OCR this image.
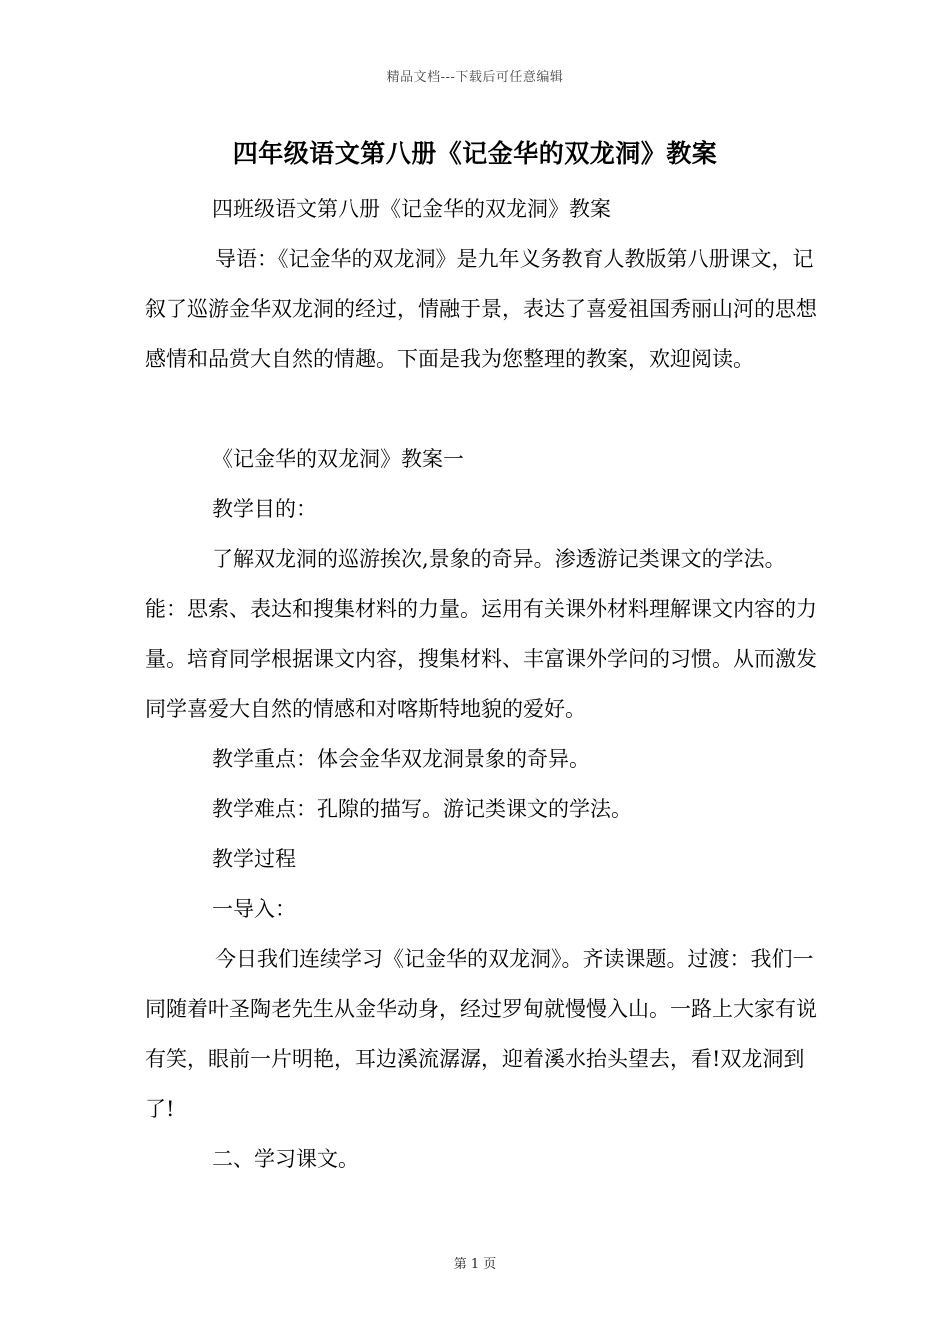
精品文档---下载后可任意编辑
四年级语文第八册《记金华的双龙洞》教案

四班级语文第八册《记金华的双龙洞》教案

导语：《记金华的双龙洞》是九年义务教育人教版第八册课文，记叙了巡游金华双龙洞的经过，情融于景，表达了喜爱祖国秀丽山河的思想感情和品赏大自然的情趣。下面是我为您整理的教案，欢迎阅读。

《记金华的双龙洞》教案一

教学目的：

了解双龙洞的巡游挨次,景象的奇异。渗透游记类课文的学法。能：思索、表达和搜集材料的力量。运用有关课外材料理解课文内容的力量。培育同学根据课文内容，搜集材料、丰富课外学问的习惯。从而激发同学喜爱大自然的情感和对喀斯特地貌的爱好。

教学重点：体会金华双龙洞景象的奇异。

教学难点：孔隙的描写。游记类课文的学法。

教学过程

一导入：

今日我们连续学习《记金华的双龙洞》。齐读课题。过渡：我们一同随着叶圣陶老先生从金华动身，经过罗甸就慢慢入山。一路上大家有说有笑，眼前一片明艳，耳边溪流潺潺，迎着溪水抬头望去，看!双龙洞到了!

二、学习课文。

第 1 页
